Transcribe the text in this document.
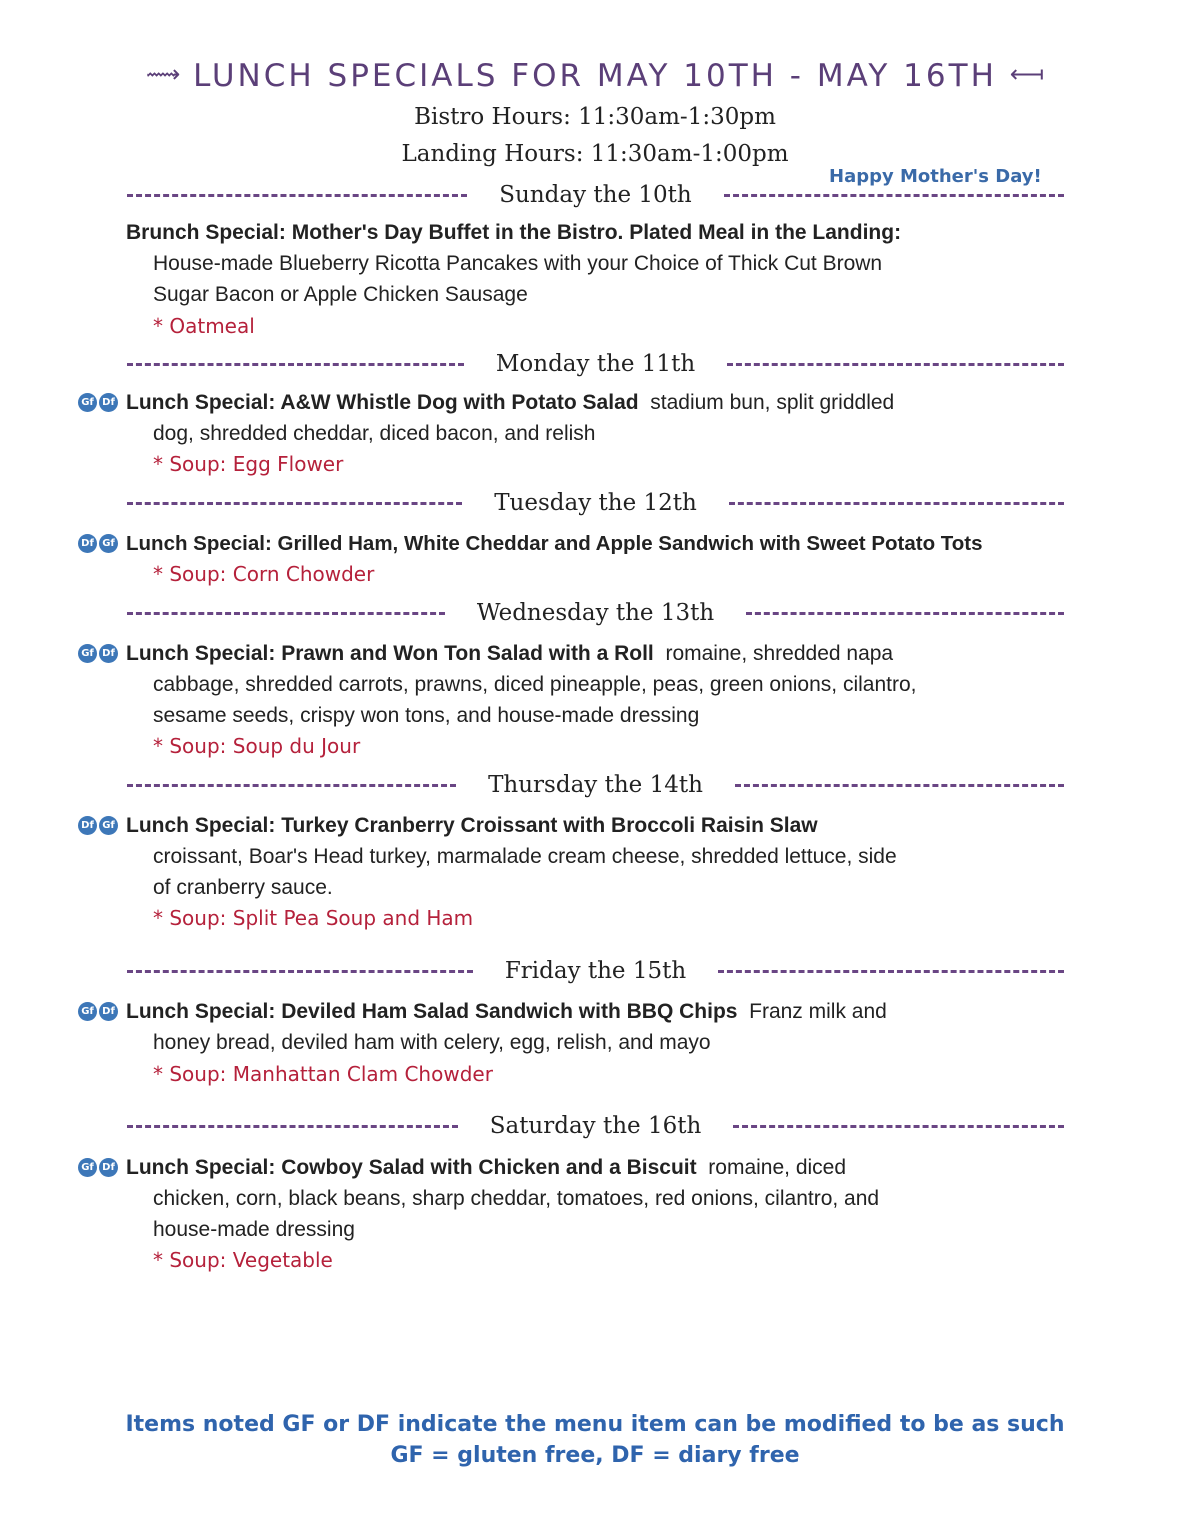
⟿ LUNCH SPECIALS FOR MAY 10TH - MAY 16TH ⟻
Bistro Hours: 11:30am-1:30pm
Landing Hours: 11:30am-1:00pm
Happy Mother's Day!
Sunday the 10th
Brunch Special: Mother's Day Buffet in the Bistro. Plated Meal in the Landing:
House-made Blueberry Ricotta Pancakes with your Choice of Thick Cut Brown
Sugar Bacon or Apple Chicken Sausage
* Oatmeal
Monday the 11th
Gf Df Lunch Special: A&W Whistle Dog with Potato Salad stadium bun, split griddled
dog, shredded cheddar, diced bacon, and relish
* Soup: Egg Flower
Tuesday the 12th
Df Gf Lunch Special: Grilled Ham, White Cheddar and Apple Sandwich with Sweet Potato Tots
* Soup: Corn Chowder
Wednesday the 13th
Gf Df Lunch Special: Prawn and Won Ton Salad with a Roll romaine, shredded napa
cabbage, shredded carrots, prawns, diced pineapple, peas, green onions, cilantro,
sesame seeds, crispy won tons, and house-made dressing
* Soup: Soup du Jour
Thursday the 14th
Df Gf Lunch Special: Turkey Cranberry Croissant with Broccoli Raisin Slaw
croissant, Boar's Head turkey, marmalade cream cheese, shredded lettuce, side
of cranberry sauce.
* Soup: Split Pea Soup and Ham
Friday the 15th
Gf Df Lunch Special: Deviled Ham Salad Sandwich with BBQ Chips Franz milk and
honey bread, deviled ham with celery, egg, relish, and mayo
* Soup: Manhattan Clam Chowder
Saturday the 16th
Gf Df Lunch Special: Cowboy Salad with Chicken and a Biscuit romaine, diced
chicken, corn, black beans, sharp cheddar, tomatoes, red onions, cilantro, and
house-made dressing
* Soup: Vegetable
Items noted GF or DF indicate the menu item can be modified to be as such
GF = gluten free, DF = diary free
